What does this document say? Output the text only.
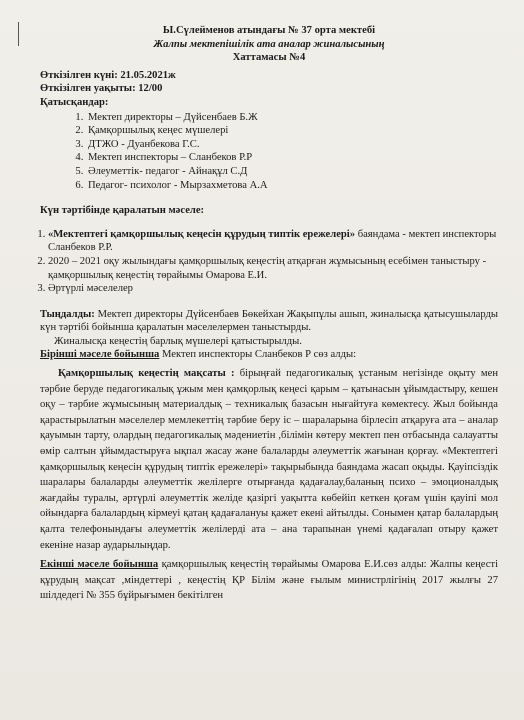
Ы.Сүлейменов атындағы № 37 орта мектебі

Жалпы мектепішілік ата аналар жиналысының

Хаттамасы №4

Өткізілген күні: 21.05.2021ж

Өткізілген уақыты: 12/00

Қатысқандар:

1. Мектеп директоры – Дүйсенбаев Б.Ж
2. Қамқоршылық кеңес мүшелері
3. ДТЖО - Дуанбекова Г.С.
4. Мектеп инспекторы – Сланбеков Р.Р
5. Әлеуметтік- педагог - Айнақұл С.Д
6. Педагог- психолог - Мырзахметова А.А

Күн тәртібінде қаралатын мәселе:

1. «Мектептегі қамқоршылық кеңесін құрудың типтік ережелері» баяндама - мектеп инспекторы Сланбеков Р.Р.
2. 2020 – 2021 оқу жылындағы қамқоршылық кеңестің атқарған жұмысының есебімен таныстыру - қамқоршылық кеңестің төрайымы Омарова Е.И.
3. Әртүрлі мәселелер

Тыңдалды: Мектеп директоры Дүйсенбаев Бөкейхан Жақыпұлы ашып, жиналысқа қатысушыларды күн тәртібі бойынша қаралатын мәселелермен таныстырды.

Жиналысқа кеңестің барлық мүшелері қатыстырылды.

Бірінші мәселе бойынша Мектеп инспекторы Сланбеков Р сөз алды:

Қамқоршылық кеңестің мақсаты : бірыңғай педагогикалық ұстаным негізінде оқыту мен тәрбие беруде педагогикалық ұжым мен қамқорлық кеңесі қарым – қатынасын ұйымдастыру, кешен оқу – тәрбие жұмысының материалдық – техникалық базасын нығайтуға көмектесу. Жыл бойында қарастырылатын мәселелер мемлекеттің тәрбие беру іс – шараларына бірлесіп атқаруға ата – аналар қауымын тарту, олардың педагогикалық мәдениетін ,білімін көтеру мектеп пен отбасында салауатты өмір салтын ұйымдастыруға ықпал жасау және балаларды әлеуметтік жағынан қорғау. «Мектептегі қамқоршылық кеңесін құрудың типтік ережелері» тақырыбында баяндама жасап оқыды. Қауіпсіздік шаралары балаларды әлеуметтік желілерге отырғанда қадағалау,баланың психо – эмоционалдық жағдайы туралы, әртүрлі әлеуметтік желіде қазіргі уақытта көбейіп кеткен қоғам үшін қауіпі мол ойындарға балалардың кірмеуі қатаң қадағалануы қажет екені айтылды. Сонымен қатар балалардың қалта телефонындағы әлеуметтік желілерді ата – ана тарапынан үнемі қадағалап отыру қажет екеніне назар аударылыңдар.

Екінші мәселе бойынша қамқоршылық кеңестің төрайымы Омарова Е.И.сөз алды: Жалпы кеңесті құрудың мақсат ,міндеттері , кеңестің ҚР Білім және ғылым министрлігінің 2017 жылғы 27 шілдедегі № 355 бұйрығымен бекітілген
